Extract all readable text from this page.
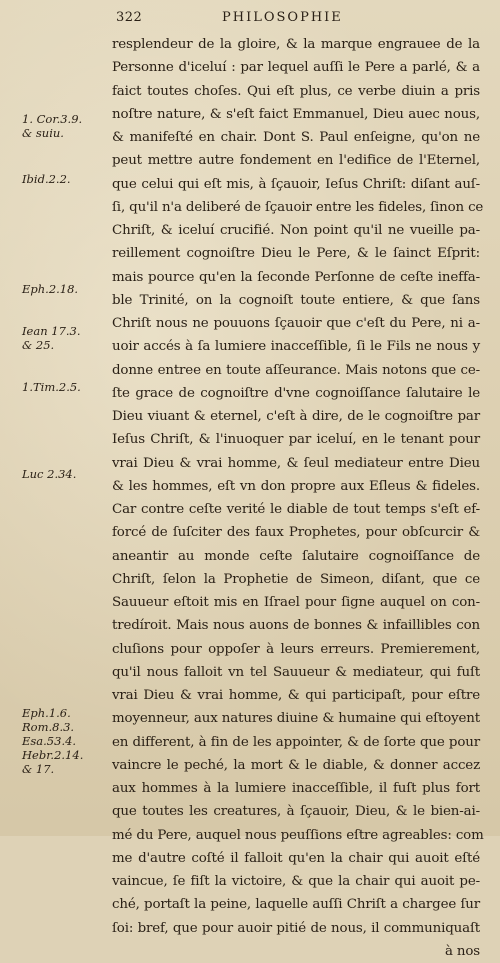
322	PHILOSOPHIE
1. Cor.3.9.
& suiu.
Ibid.2.2.
Eph.2.18.
Iean 17.3.
& 25.
1.Tim.2.5.
Luc 2.34.
Eph.1.6.
Rom.8.3.
Esa.53.4.
Hebr.2.14.
& 17.
resplendeur de la gloire, & la marque engrauee de la
Personne d'iceluí : par lequel auſſi le Pere a parlé, & a
faict toutes choſes. Qui eſt plus, ce verbe diuin a pris
noſtre nature, & s'eſt faict Emmanuel, Dieu auec nous,
& manifeſté en chair. Dont S. Paul enſeigne, qu'on ne
peut mettre autre fondement en l'edifice de l'Eternel,
que celui qui eſt mis, à ſçauoir, Ieſus Chriſt: diſant auſ-
ſi, qu'il n'a deliberé de ſçauoir entre les fideles, ſinon ce
Chriſt, & iceluí crucifié. Non point qu'il ne vueille pa-
reillement cognoiſtre Dieu le Pere, & le ſainct Eſprit:
mais pource qu'en la ſeconde Perſonne de ceſte ineffa-
ble Trinité, on la cognoiſt toute entiere, & que ſans
Chriſt nous ne pouuons ſçauoir que c'eſt du Pere, ni a-
uoir accés à ſa lumiere inacceſſible, ſi le Fils ne nous y
donne entree en toute aſſeurance. Mais notons que ce-
ſte grace de cognoiſtre d'vne cognoiſſance ſalutaire le
Dieu viuant & eternel, c'eſt à dire, de le cognoiſtre par
Ieſus Chriſt, & l'inuoquer par iceluí, en le tenant pour
vrai Dieu & vrai homme, & ſeul mediateur entre Dieu
& les hommes, eſt vn don propre aux Eſleus & fideles.
Car contre ceſte verité le diable de tout temps s'eſt ef-
forcé de ſuſciter des faux Prophetes, pour obſcurcir &
aneantir au monde ceſte ſalutaire cognoiſſance de
Chriſt, ſelon la Prophetie de Simeon, diſant, que ce
Sauueur eſtoit mis en Iſrael pour ſigne auquel on con-
tredíroit. Mais nous auons de bonnes & infaillibles con
cluſions pour oppoſer à leurs erreurs. Premierement,
qu'il nous falloit vn tel Sauueur & mediateur, qui fuſt
vrai Dieu & vrai homme, & qui participaſt, pour eſtre
moyenneur, aux natures diuine & humaine qui eſtoyent
en different, à fin de les appointer, & de ſorte que pour
vaincre le peché, la mort & le diable, & donner accez
aux hommes à la lumiere inacceſſible, il fuſt plus fort
que toutes les creatures, à ſçauoir, Dieu, & le bien-ai-
mé du Pere, auquel nous peuſſions eſtre agreables: com
me d'autre coſté il falloit qu'en la chair qui auoit eſté
vaincue, ſe fiſt la victoire, & que la chair qui auoit pe-
ché, portaſt la peine, laquelle auſſi Chriſt a chargee ſur
ſoi: bref, que pour auoir pitié de nous, il communiquaſt
à nos
